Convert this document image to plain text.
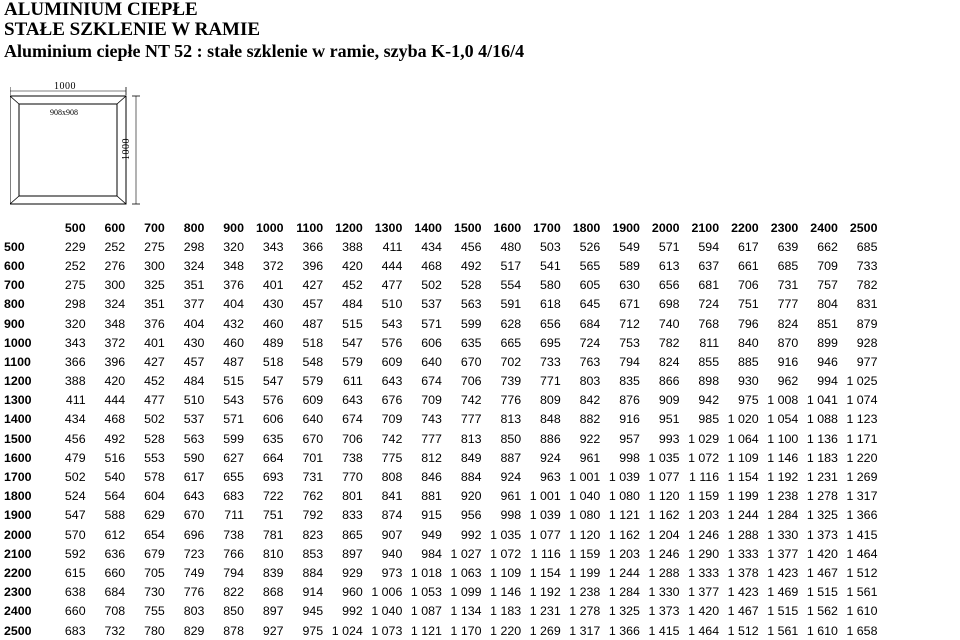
ALUMINIUM CIEPŁE
STAŁE SZKLENIE W RAMIE
Aluminium ciepłe NT 52 : stałe szklenie w ramie, szyba K-1,0 4/16/4
1000
908x908
1000
	500	600	700	800	900	1000	1100	1200	1300	1400	1500	1600	1700	1800	1900	2000	2100	2200	2300	2400	2500
500	229	252	275	298	320	343	366	388	411	434	456	480	503	526	549	571	594	617	639	662	685
600	252	276	300	324	348	372	396	420	444	468	492	517	541	565	589	613	637	661	685	709	733
700	275	300	325	351	376	401	427	452	477	502	528	554	580	605	630	656	681	706	731	757	782
800	298	324	351	377	404	430	457	484	510	537	563	591	618	645	671	698	724	751	777	804	831
900	320	348	376	404	432	460	487	515	543	571	599	628	656	684	712	740	768	796	824	851	879
1000	343	372	401	430	460	489	518	547	576	606	635	665	695	724	753	782	811	840	870	899	928
1100	366	396	427	457	487	518	548	579	609	640	670	702	733	763	794	824	855	885	916	946	977
1200	388	420	452	484	515	547	579	611	643	674	706	739	771	803	835	866	898	930	962	994	1 025
1300	411	444	477	510	543	576	609	643	676	709	742	776	809	842	876	909	942	975	1 008	1 041	1 074
1400	434	468	502	537	571	606	640	674	709	743	777	813	848	882	916	951	985	1 020	1 054	1 088	1 123
1500	456	492	528	563	599	635	670	706	742	777	813	850	886	922	957	993	1 029	1 064	1 100	1 136	1 171
1600	479	516	553	590	627	664	701	738	775	812	849	887	924	961	998	1 035	1 072	1 109	1 146	1 183	1 220
1700	502	540	578	617	655	693	731	770	808	846	884	924	963	1 001	1 039	1 077	1 116	1 154	1 192	1 231	1 269
1800	524	564	604	643	683	722	762	801	841	881	920	961	1 001	1 040	1 080	1 120	1 159	1 199	1 238	1 278	1 317
1900	547	588	629	670	711	751	792	833	874	915	956	998	1 039	1 080	1 121	1 162	1 203	1 244	1 284	1 325	1 366
2000	570	612	654	696	738	781	823	865	907	949	992	1 035	1 077	1 120	1 162	1 204	1 246	1 288	1 330	1 373	1 415
2100	592	636	679	723	766	810	853	897	940	984	1 027	1 072	1 116	1 159	1 203	1 246	1 290	1 333	1 377	1 420	1 464
2200	615	660	705	749	794	839	884	929	973	1 018	1 063	1 109	1 154	1 199	1 244	1 288	1 333	1 378	1 423	1 467	1 512
2300	638	684	730	776	822	868	914	960	1 006	1 053	1 099	1 146	1 192	1 238	1 284	1 330	1 377	1 423	1 469	1 515	1 561
2400	660	708	755	803	850	897	945	992	1 040	1 087	1 134	1 183	1 231	1 278	1 325	1 373	1 420	1 467	1 515	1 562	1 610
2500	683	732	780	829	878	927	975	1 024	1 073	1 121	1 170	1 220	1 269	1 317	1 366	1 415	1 464	1 512	1 561	1 610	1 658
